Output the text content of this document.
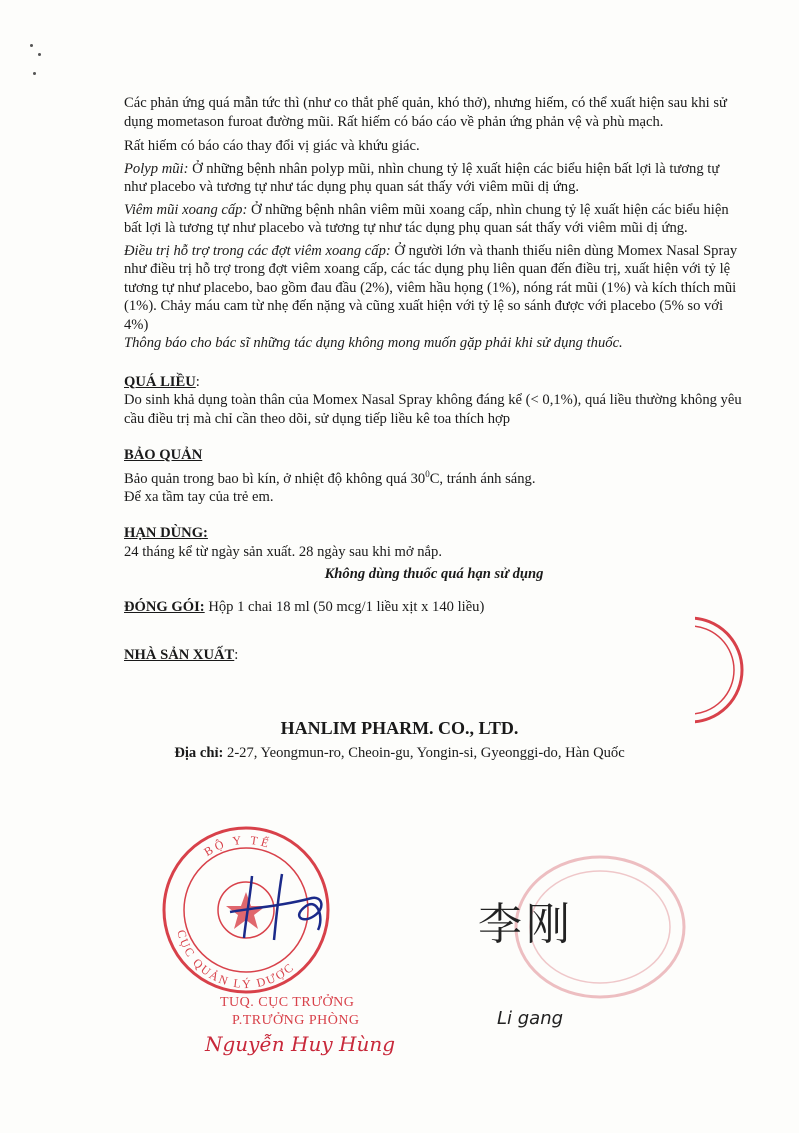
Các phản ứng quá mẫn tức thì (như co thắt phế quản, khó thở), nhưng hiếm, có thể xuất hiện sau khi sử dụng mometason furoat đường mũi. Rất hiếm có báo cáo về phản ứng phản vệ và phù mạch.

Rất hiếm có báo cáo thay đổi vị giác và khứu giác.

Polyp mũi: Ở những bệnh nhân polyp mũi, nhìn chung tỷ lệ xuất hiện các biểu hiện bất lợi là tương tự như placebo và tương tự như tác dụng phụ quan sát thấy với viêm mũi dị ứng.

Viêm mũi xoang cấp: Ở những bệnh nhân viêm mũi xoang cấp, nhìn chung tỷ lệ xuất hiện các biểu hiện bất lợi là tương tự như placebo và tương tự như tác dụng phụ quan sát thấy với viêm mũi dị ứng.

Điều trị hỗ trợ trong các đợt viêm xoang cấp: Ở người lớn và thanh thiếu niên dùng Momex Nasal Spray như điều trị hỗ trợ trong đợt viêm xoang cấp, các tác dụng phụ liên quan đến điều trị, xuất hiện với tỷ lệ tương tự như placebo, bao gồm đau đầu (2%), viêm hầu họng (1%), nóng rát mũi (1%) và kích thích mũi (1%). Chảy máu cam từ nhẹ đến nặng và cũng xuất hiện với tỷ lệ so sánh được với placebo (5% so với 4%)

Thông báo cho bác sĩ những tác dụng không mong muốn gặp phải khi sử dụng thuốc.

QUÁ LIỀU:

Do sinh khả dụng toàn thân của Momex Nasal Spray không đáng kể (< 0,1%), quá liều thường không yêu cầu điều trị mà chỉ cần theo dõi, sử dụng tiếp liều kê toa thích hợp

BẢO QUẢN

Bảo quản trong bao bì kín, ở nhiệt độ không quá $30^0C$, tránh ánh sáng.

Để xa tầm tay của trẻ em.

HẠN DÙNG:

24 tháng kể từ ngày sản xuất. 28 ngày sau khi mở nắp.

Không dùng thuốc quá hạn sử dụng

ĐÓNG GÓI: Hộp 1 chai 18 ml (50 mcg/1 liều xịt x 140 liều)

NHÀ SẢN XUẤT:

HANLIM PHARM. CO., LTD.
Địa chỉ: 2-27, Yeongmun-ro, Cheoin-gu, Yongin-si, Gyeonggi-do, Hàn Quốc
BỘ Y TẾ
CỤC QUẢN LÝ DƯỢC
TUQ. CỤC TRƯỞNG
P.TRƯỞNG PHÒNG
Nguyễn Huy Hùng
李刚
Li gang
